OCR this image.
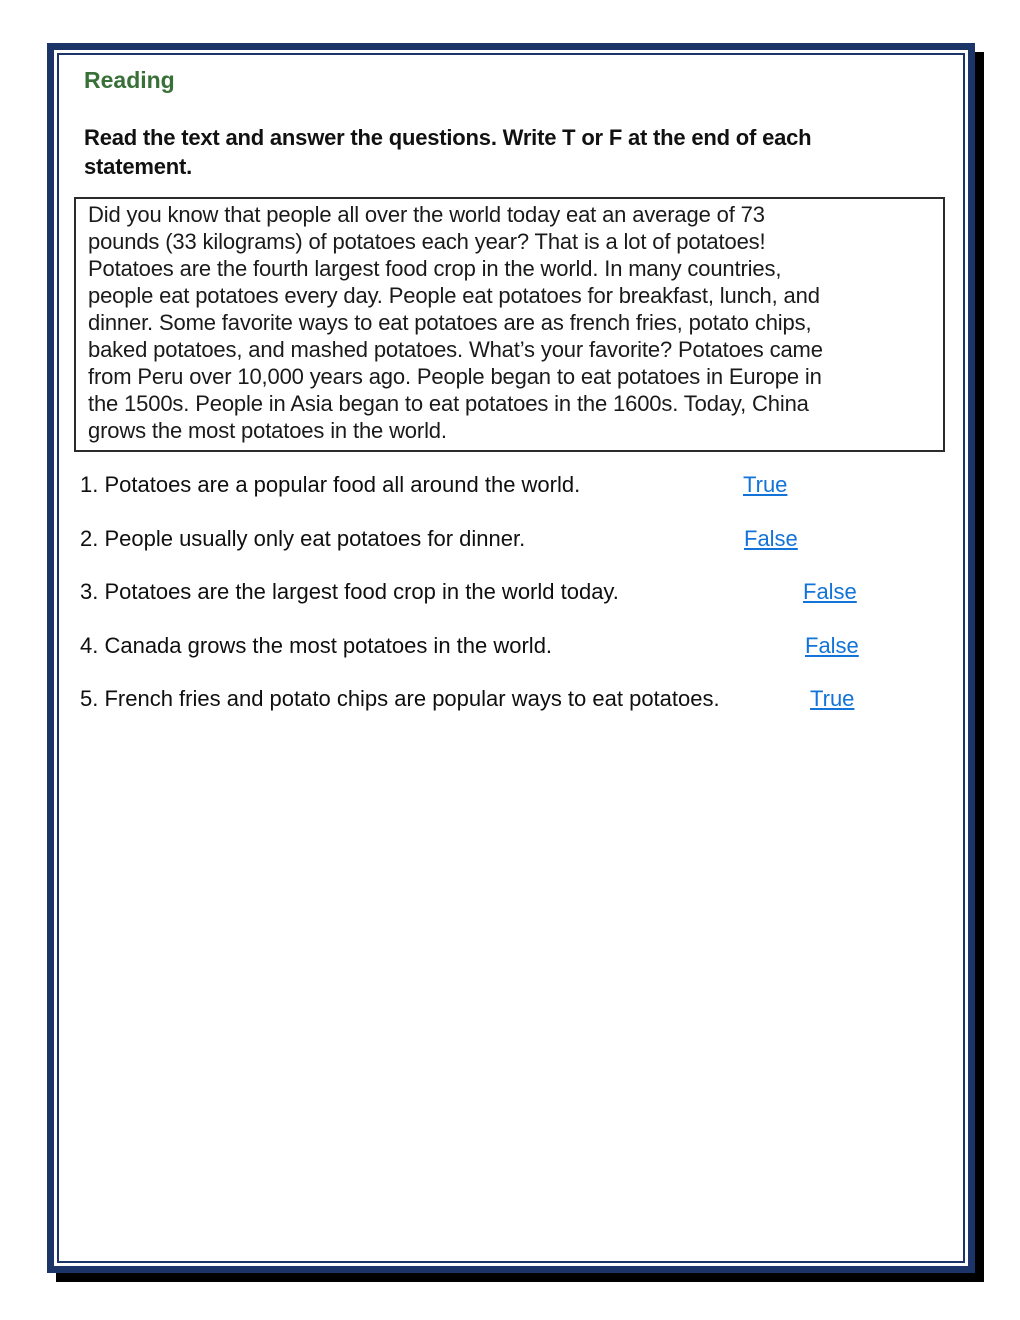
Reading
Read the text and answer the questions. Write T or F at the end of each
statement.
Did you know that people all over the world today eat an average of 73
pounds (33 kilograms) of potatoes each year? That is a lot of potatoes!
Potatoes are the fourth largest food crop in the world. In many countries,
people eat potatoes every day. People eat potatoes for breakfast, lunch, and
dinner. Some favorite ways to eat potatoes are as french fries, potato chips,
baked potatoes, and mashed potatoes. What’s your favorite? Potatoes came
from Peru over 10,000 years ago. People began to eat potatoes in Europe in
the 1500s. People in Asia began to eat potatoes in the 1600s. Today, China
grows the most potatoes in the world.
1. Potatoes are a popular food all around the world.	True
2. People usually only eat potatoes for dinner.	False
3. Potatoes are the largest food crop in the world today.	False
4. Canada grows the most potatoes in the world.	False
5. French fries and potato chips are popular ways to eat potatoes.	True
